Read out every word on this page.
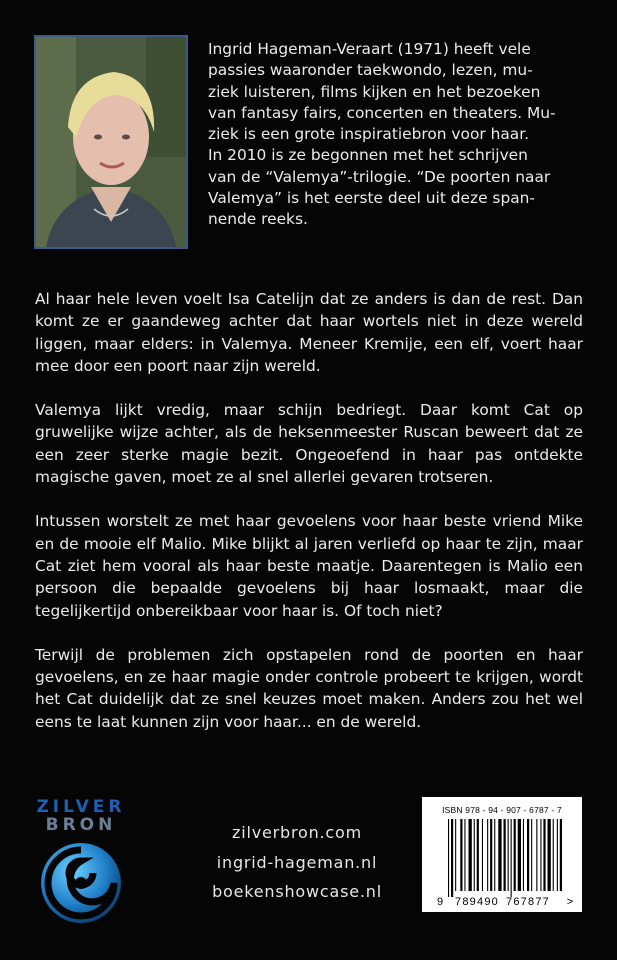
Ingrid Hageman-Veraart (1971) heeft vele

passies waaronder taekwondo, lezen, mu-

ziek luisteren, films kijken en het bezoeken

van fantasy fairs, concerten en theaters. Mu-

ziek is een grote inspiratiebron voor haar.

In 2010 is ze begonnen met het schrijven

van de “Valemya”-trilogie. “De poorten naar

Valemya” is het eerste deel uit deze span-

nende reeks.

Al haar hele leven voelt Isa Catelijn dat ze anders is dan de rest. Dan komt ze er gaandeweg achter dat haar wortels niet in deze wereld liggen, maar elders: in Valemya. Meneer Kremije, een elf, voert haar mee door een poort naar zijn wereld.

Valemya lijkt vredig, maar schijn bedriegt. Daar komt Cat op gruwelijke wijze achter, als de heksenmeester Ruscan beweert dat ze een zeer sterke magie bezit. Ongeoefend in haar pas ontdekte magische gaven, moet ze al snel allerlei gevaren trotseren.

Intussen worstelt ze met haar gevoelens voor haar beste vriend Mike en de mooie elf Malio. Mike blijkt al jaren verliefd op haar te zijn, maar Cat ziet hem vooral als haar beste maatje. Daarentegen is Malio een persoon die bepaalde gevoelens bij haar losmaakt, maar die tegelijkertijd onbereikbaar voor haar is. Of toch niet?

Terwijl de problemen zich opstapelen rond de poorten en haar gevoelens, en ze haar magie onder controle probeert te krijgen, wordt het Cat duidelijk dat ze snel keuzes moet maken. Anders zou het wel eens te laat kunnen zijn voor haar... en de wereld.

ZILVER
BRON	zilverbron.com
ingrid-hageman.nl
boekenshowcase.nl
ISBN 978 - 94 - 907 - 6787 - 7
9 789490 767877 >
